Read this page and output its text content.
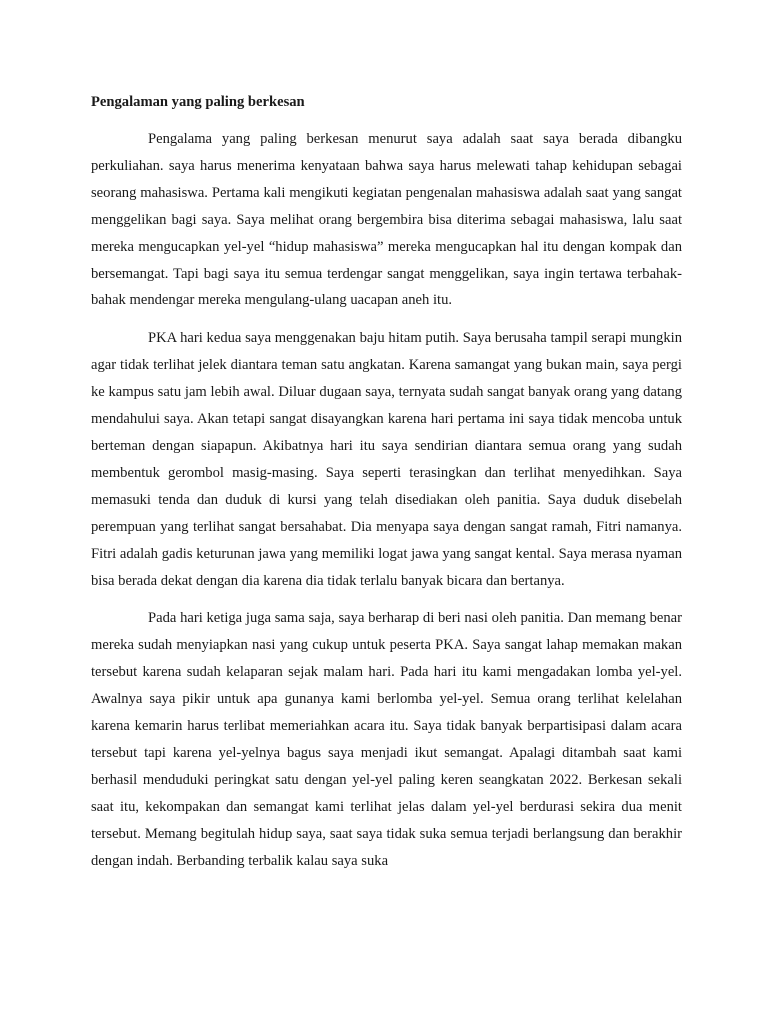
Pengalaman yang paling berkesan

Pengalama yang paling berkesan menurut saya adalah saat saya berada dibangku perkuliahan. saya harus menerima kenyataan bahwa saya harus melewati tahap kehidupan sebagai seorang mahasiswa. Pertama kali mengikuti kegiatan pengenalan mahasiswa adalah saat yang sangat menggelikan bagi saya. Saya melihat orang bergembira bisa diterima sebagai mahasiswa, lalu saat mereka mengucapkan yel-yel “hidup mahasiswa” mereka mengucapkan hal itu dengan kompak dan bersemangat. Tapi bagi saya itu semua terdengar sangat menggelikan, saya ingin tertawa terbahak-bahak mendengar mereka mengulang-ulang uacapan aneh itu.

PKA hari kedua saya menggenakan baju hitam putih. Saya berusaha tampil serapi mungkin agar tidak terlihat jelek diantara teman satu angkatan. Karena samangat yang bukan main, saya pergi ke kampus satu jam lebih awal. Diluar dugaan saya, ternyata sudah sangat banyak orang yang datang mendahului saya. Akan tetapi sangat disayangkan karena hari pertama ini saya tidak mencoba untuk berteman dengan siapapun. Akibatnya hari itu saya sendirian diantara semua orang yang sudah membentuk gerombol masig-masing. Saya seperti terasingkan dan terlihat menyedihkan. Saya memasuki tenda dan duduk di kursi yang telah disediakan oleh panitia. Saya duduk disebelah perempuan yang terlihat sangat bersahabat. Dia menyapa saya dengan sangat ramah, Fitri namanya. Fitri adalah gadis keturunan jawa yang memiliki logat jawa yang sangat kental. Saya merasa nyaman bisa berada dekat dengan dia karena dia tidak terlalu banyak bicara dan bertanya.

Pada hari ketiga juga sama saja, saya berharap di beri nasi oleh panitia. Dan memang benar mereka sudah menyiapkan nasi yang cukup untuk peserta PKA. Saya sangat lahap memakan makan tersebut karena sudah kelaparan sejak malam hari. Pada hari itu kami mengadakan lomba yel-yel. Awalnya saya pikir untuk apa gunanya kami berlomba yel-yel. Semua orang terlihat kelelahan karena kemarin harus terlibat memeriahkan acara itu. Saya tidak banyak berpartisipasi dalam acara tersebut tapi karena yel-yelnya bagus saya menjadi ikut semangat. Apalagi ditambah saat kami berhasil menduduki peringkat satu dengan yel-yel paling keren seangkatan 2022. Berkesan sekali saat itu, kekompakan dan semangat kami terlihat jelas dalam yel-yel berdurasi sekira dua menit tersebut. Memang begitulah hidup saya, saat saya tidak suka semua terjadi berlangsung dan berakhir dengan indah. Berbanding terbalik kalau saya suka
